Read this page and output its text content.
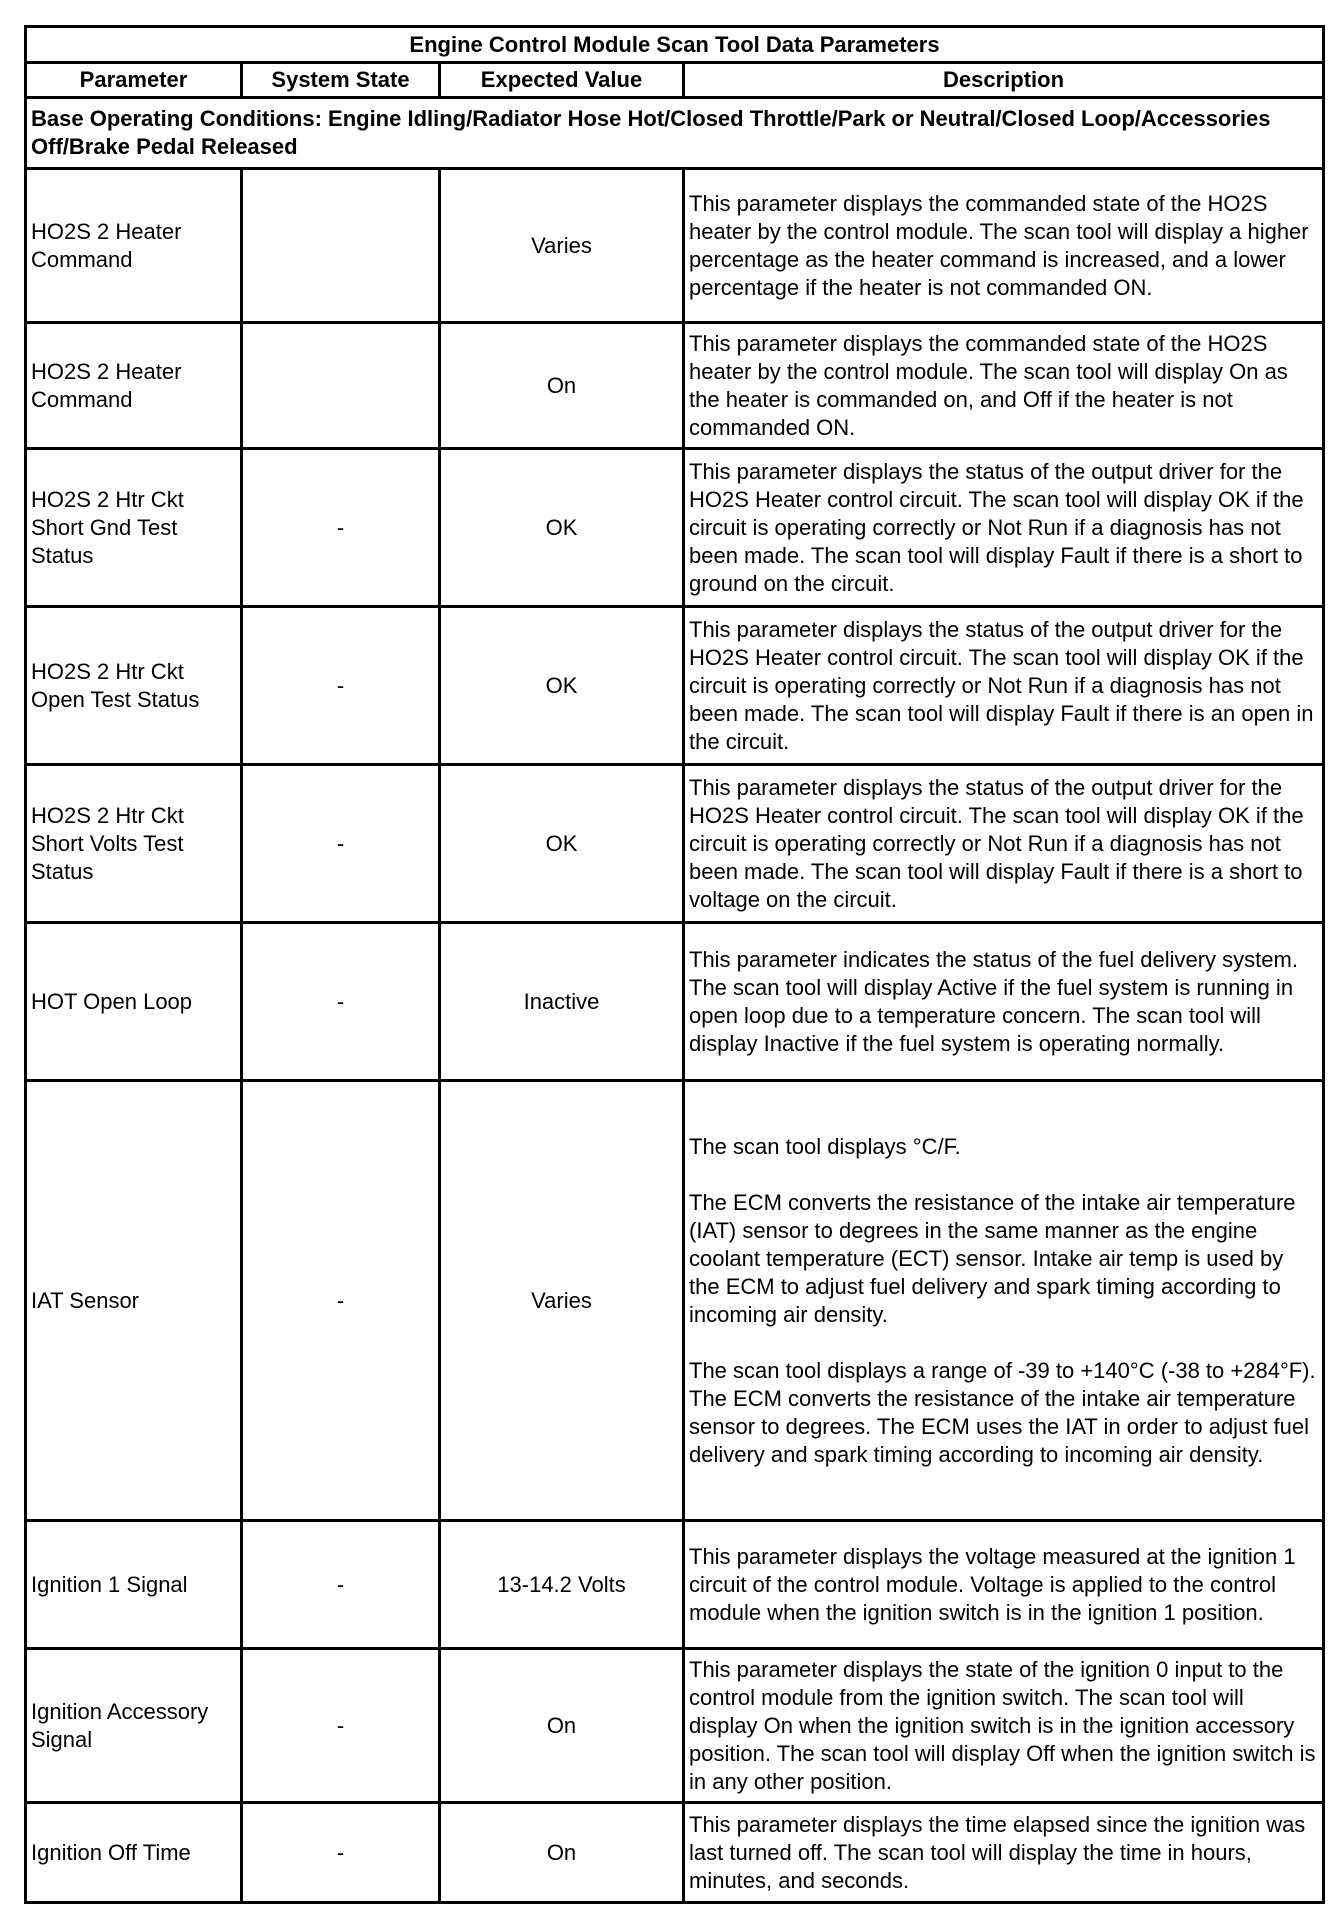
Engine Control Module Scan Tool Data Parameters			
Parameter	System State	Expected Value	Description
Base Operating Conditions: Engine Idling/Radiator Hose Hot/Closed Throttle/Park or Neutral/Closed Loop/Accessories Off/Brake Pedal Released			
HO2S 2 Heater Command		Varies	This parameter displays the commanded state of the HO2S heater by the control module. The scan tool will display a higher percentage as the heater command is increased, and a lower percentage if the heater is not commanded ON.

HO2S 2 Heater Command		On	This parameter displays the commanded state of the HO2S heater by the control module. The scan tool will display On as the heater is commanded on, and Off if the heater is not commanded ON.

HO2S 2 Htr Ckt Short Gnd Test Status	-	OK	This parameter displays the status of the output driver for the HO2S Heater control circuit. The scan tool will display OK if the circuit is operating correctly or Not Run if a diagnosis has not been made. The scan tool will display Fault if there is a short to ground on the circuit.

HO2S 2 Htr Ckt Open Test Status	-	OK	This parameter displays the status of the output driver for the HO2S Heater control circuit. The scan tool will display OK if the circuit is operating correctly or Not Run if a diagnosis has not been made. The scan tool will display Fault if there is an open in the circuit.

HO2S 2 Htr Ckt Short Volts Test Status	-	OK	This parameter displays the status of the output driver for the HO2S Heater control circuit. The scan tool will display OK if the circuit is operating correctly or Not Run if a diagnosis has not been made. The scan tool will display Fault if there is a short to voltage on the circuit.

HOT Open Loop	-	Inactive	This parameter indicates the status of the fuel delivery system. The scan tool will display Active if the fuel system is running in open loop due to a temperature concern. The scan tool will display Inactive if the fuel system is operating normally.

IAT Sensor	-	Varies	The scan tool displays °C/F.

The ECM converts the resistance of the intake air temperature (IAT) sensor to degrees in the same manner as the engine coolant temperature (ECT) sensor. Intake air temp is used by the ECM to adjust fuel delivery and spark timing according to incoming air density.

The scan tool displays a range of -39 to +140°C (-38 to +284°F). The ECM converts the resistance of the intake air temperature sensor to degrees. The ECM uses the IAT in order to adjust fuel delivery and spark timing according to incoming air density.

Ignition 1 Signal	-	13-14.2 Volts	This parameter displays the voltage measured at the ignition 1 circuit of the control module. Voltage is applied to the control module when the ignition switch is in the ignition 1 position.

Ignition Accessory Signal	-	On	This parameter displays the state of the ignition 0 input to the control module from the ignition switch. The scan tool will display On when the ignition switch is in the ignition accessory position. The scan tool will display Off when the ignition switch is in any other position.

Ignition Off Time	-	On	This parameter displays the time elapsed since the ignition was last turned off. The scan tool will display the time in hours, minutes, and seconds.
